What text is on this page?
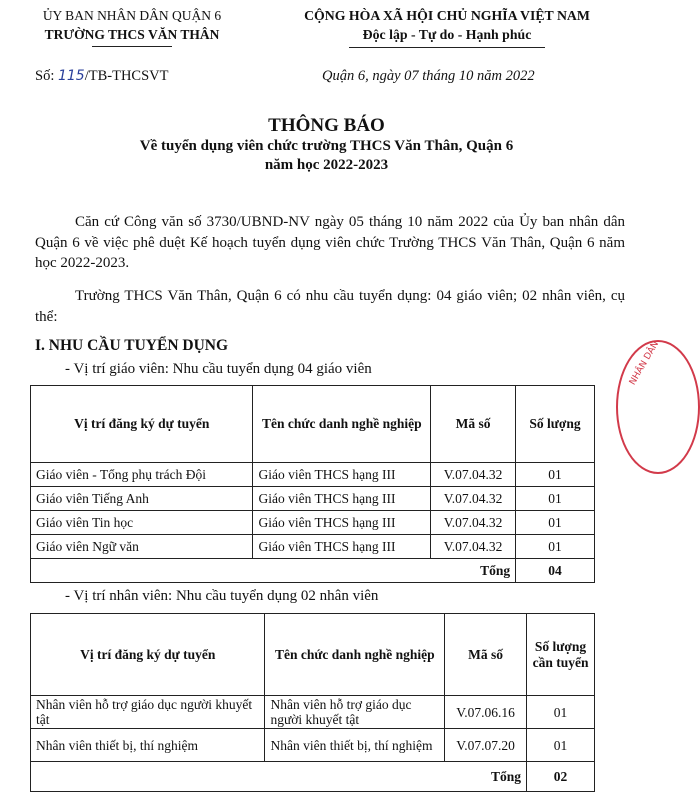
ỦY BAN NHÂN DÂN QUẬN 6
TRƯỜNG THCS VĂN THÂN
CỘNG HÒA XÃ HỘI CHỦ NGHĨA VIỆT NAM
Độc lập - Tự do - Hạnh phúc
Số: 115/TB-THCSVT	Quận 6, ngày 07 tháng 10 năm 2022
THÔNG BÁO
Về tuyển dụng viên chức trường THCS Văn Thân, Quận 6
năm học 2022-2023
Căn cứ Công văn số 3730/UBND-NV ngày 05 tháng 10 năm 2022 của Ủy ban nhân dân Quận 6 về việc phê duệt Kế hoạch tuyển dụng viên chức Trường THCS Văn Thân, Quận 6 năm học 2022-2023.
Trường THCS Văn Thân, Quận 6 có nhu cầu tuyển dụng: 04 giáo viên; 02 nhân viên, cụ thể:
I. NHU CẦU TUYỂN DỤNG
- Vị trí giáo viên: Nhu cầu tuyển dụng 04 giáo viên
Vị trí đăng ký dự tuyển	Tên chức danh nghề nghiệp	Mã số	Số lượng
Giáo viên - Tổng phụ trách Đội	Giáo viên THCS hạng III	V.07.04.32	01
Giáo viên Tiếng Anh	Giáo viên THCS hạng III	V.07.04.32	01
Giáo viên Tin học	Giáo viên THCS hạng III	V.07.04.32	01
Giáo viên Ngữ văn	Giáo viên THCS hạng III	V.07.04.32	01
Tổng			04
- Vị trí nhân viên: Nhu cầu tuyển dụng 02 nhân viên
Vị trí đăng ký dự tuyển	Tên chức danh nghề nghiệp	Mã số	Số lượng cần tuyển
Nhân viên hỗ trợ giáo dục người khuyết tật	Nhân viên hỗ trợ giáo dục người khuyết tật	V.07.06.16	01
Nhân viên thiết bị, thí nghiệm	Nhân viên thiết bị, thí nghiệm	V.07.07.20	01
Tổng			02
NHÂN DÂN
